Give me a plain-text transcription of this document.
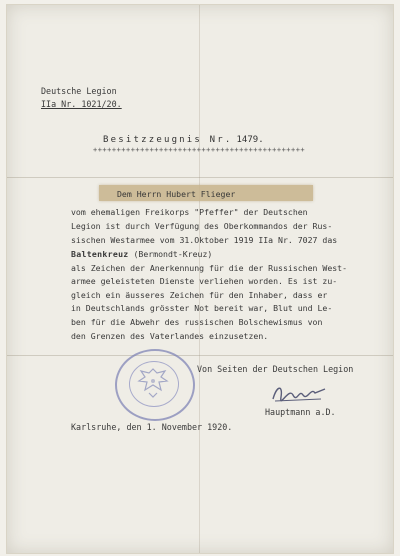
Deutsche Legion
IIa Nr. 1021/20.
Besitzzeugnis Nr. 1479.
+++++++++++++++++++++++++++++++++++++++++++++
Dem Herrn Hubert Flieger
vom ehemaligen Freikorps "Pfeffer" der Deutschen
Legion ist durch Verfügung des Oberkommandos der Rus-
sischen Westarmee vom 31.Oktober 1919 IIa Nr. 7027 das
Baltenkreuz (Bermondt-Kreuz)
als Zeichen der Anerkennung für die der Russischen West-
armee geleisteten Dienste verliehen worden. Es ist zu-
gleich ein äusseres Zeichen für den Inhaber, dass er
in Deutschlands grösster Not bereit war, Blut und Le-
ben für die Abwehr des russischen Bolschewismus von
den Grenzen des Vaterlandes einzusetzen.
Von Seiten der Deutschen Legion
Hauptmann a.D.
Karlsruhe, den 1. November 1920.
